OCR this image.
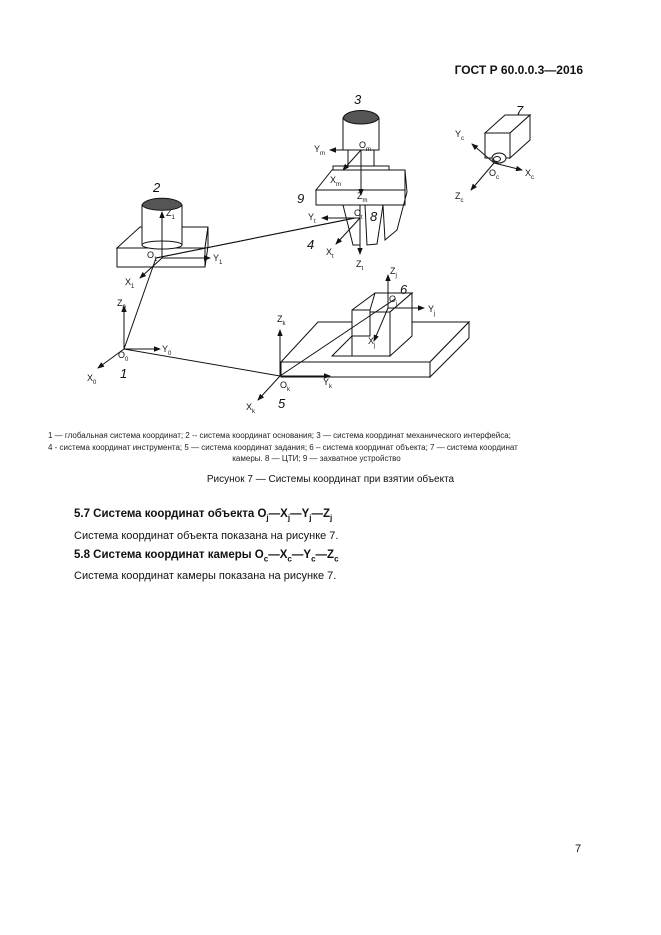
ГОСТ Р 60.0.0.3—2016
$Z_0$
$Y_0$
$X_0$
$O_0$
$Z_1$
$O_1$	$Y_1$
$X_1$
$Y_m$
$O_m$
$X_m$
$Z_m$
$Y_t$
$O_t$
$X_t$
$Z_t$
$Y_c$
$O_c$	$X_c$
$Z_c$
$Z_j$
$O_j$	$Y_j$
$X_j$
$Z_k$
$O_k$
$Y_k$
$X_k$
1
2
3
4
5
6
7
8
9
1 — глобальная система координат; 2 -- система координат основания; 3 — система координат механического интерфейса;
4 - система координат инструмента; 5 — система координат задания; 6 – система координат объекта; 7 — система координат
камеры. 8 — ЦТИ; 9 — захватное устройство
Рисунок 7 — Системы координат при взятии объекта
5.7 Система координат объекта $O_j—X_j—Y_j—Z_j$
Система координат объекта показана на рисунке 7.
5.8 Система координат камеры $O_c—X_c—Y_c—Z_c$
Система координат камеры показана на рисунке 7.
7
